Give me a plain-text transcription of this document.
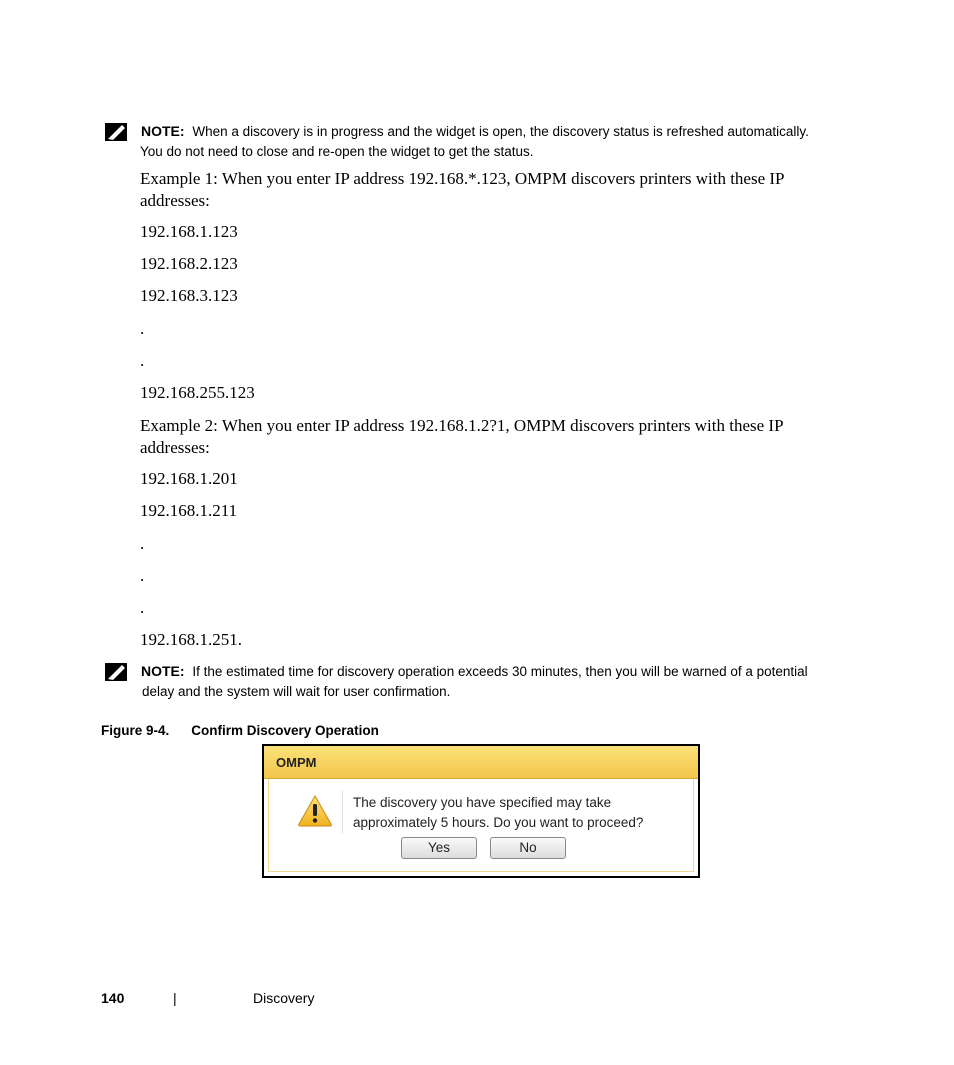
NOTE: When a discovery is in progress and the widget is open, the discovery status is refreshed automatically.
You do not need to close and re-open the widget to get the status.
Example 1: When you enter IP address 192.168.*.123, OMPM discovers printers with these IP addresses:
192.168.1.123
192.168.2.123
192.168.3.123
.
.
192.168.255.123
Example 2: When you enter IP address 192.168.1.2?1, OMPM discovers printers with these IP addresses:
192.168.1.201
192.168.1.211
.
.
.
192.168.1.251.
NOTE: If the estimated time for discovery operation exceeds 30 minutes, then you will be warned of a potential
delay and the system will wait for user confirmation.
Figure 9-4. Confirm Discovery Operation
OMPM
The discovery you have specified may take
approximately 5 hours. Do you want to proceed?
Yes	No
140	|	Discovery
